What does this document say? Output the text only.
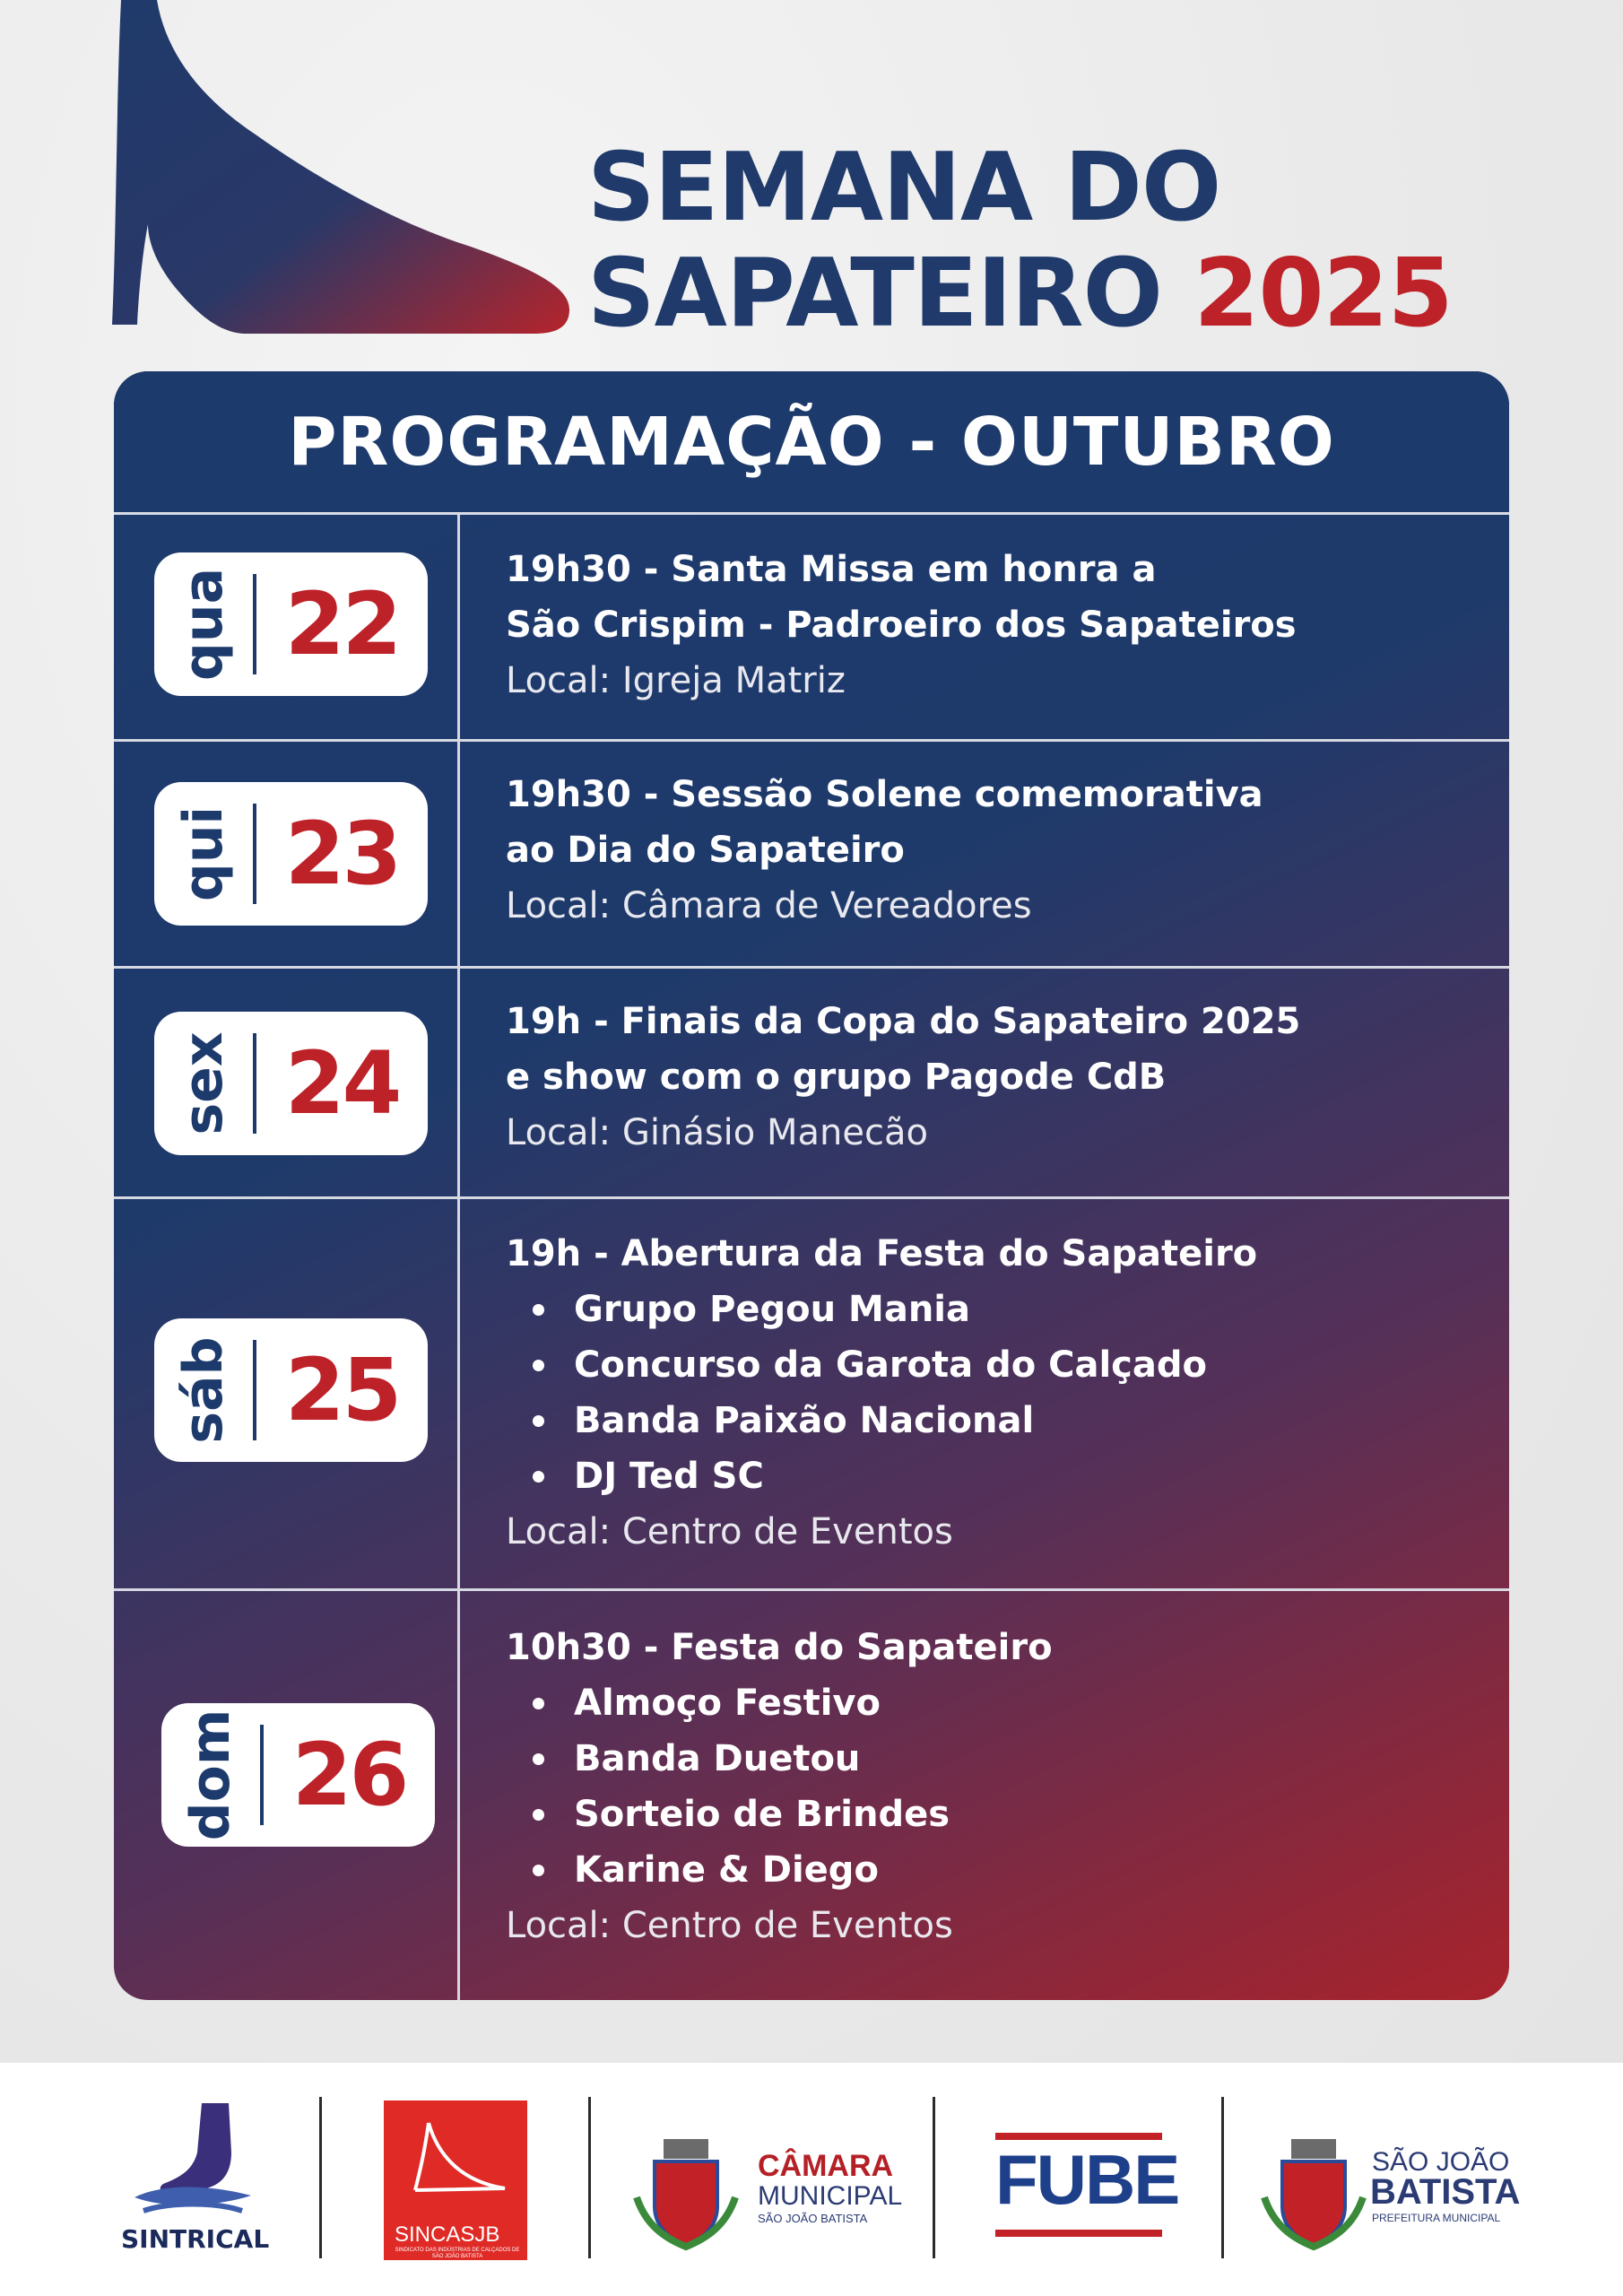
SEMANA DO
SAPATEIRO 2025
PROGRAMAÇÃO - OUTUBRO
qua 22
19h30 - Santa Missa em honra a
São Crispim - Padroeiro dos Sapateiros
Local: Igreja Matriz
qui 23
19h30 - Sessão Solene comemorativa
ao Dia do Sapateiro
Local: Câmara de Vereadores
sex 24
19h - Finais da Copa do Sapateiro 2025
e show com o grupo Pagode CdB
Local: Ginásio Manecão
sáb 25
19h - Abertura da Festa do Sapateiro
Grupo Pegou Mania
Concurso da Garota do Calçado
Banda Paixão Nacional
DJ Ted SC
Local: Centro de Eventos
dom 26
10h30 - Festa do Sapateiro
Almoço Festivo
Banda Duetou
Sorteio de Brindes
Karine & Diego
Local: Centro de Eventos
SINTRICAL	SINCASJB
SINDICATO DAS INDÚSTRIAS DE CALÇADOS DE SÃO JOÃO BATISTA
CÂMARA
MUNICIPAL
SÃO JOÃO BATISTA FUBE	SÃO JOÃO
BATISTA
PREFEITURA MUNICIPAL
